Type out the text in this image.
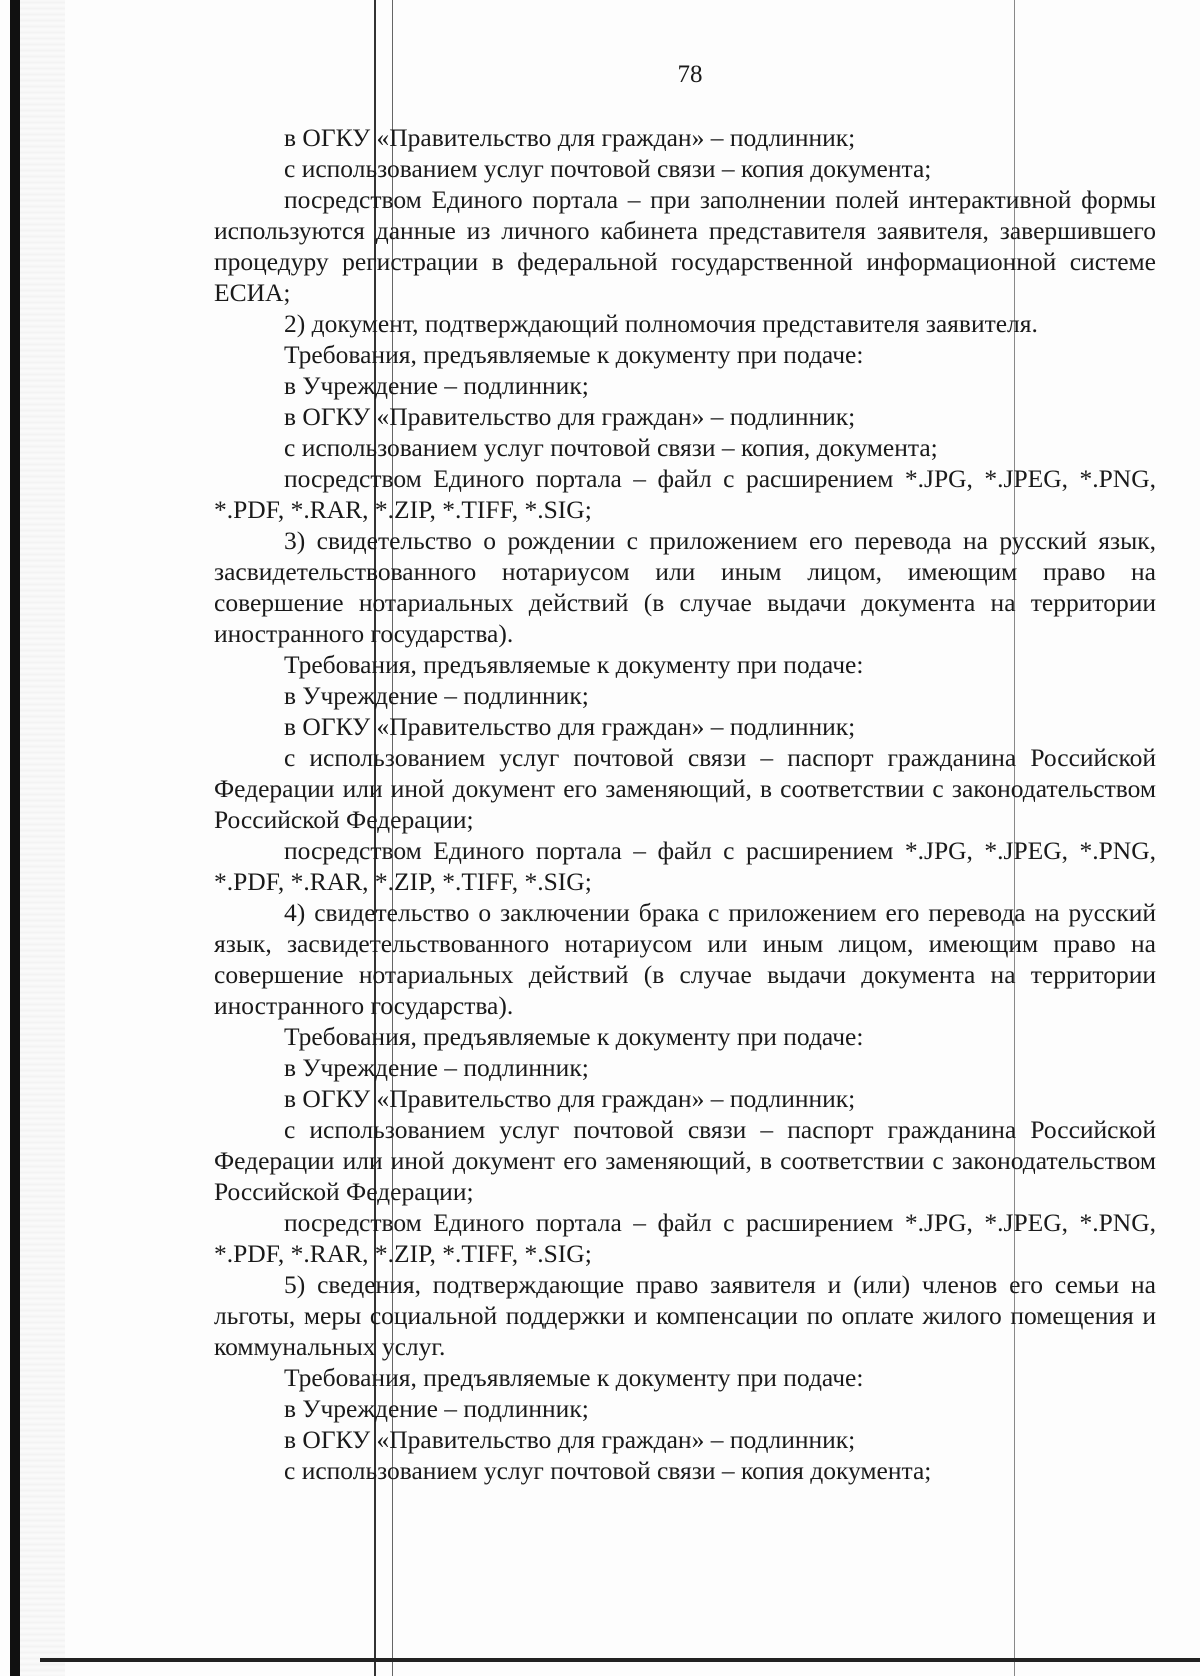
78

в ОГКУ «Правительство для граждан» – подлинник;

с использованием услуг почтовой связи – копия документа;

посредством Единого портала – при заполнении полей интерактивной формы используются данные из личного кабинета представителя заявителя, завершившего процедуру регистрации в федеральной государственной информационной системе ЕСИА;

2) документ, подтверждающий полномочия представителя заявителя.

Требования, предъявляемые к документу при подаче:

в Учреждение – подлинник;

в ОГКУ «Правительство для граждан» – подлинник;

с использованием услуг почтовой связи – копия, документа;

посредством Единого портала – файл с расширением *.JPG, *.JPEG, *.PNG, *.PDF, *.RAR, *.ZIP, *.TIFF, *.SIG;

3) свидетельство о рождении с приложением его перевода на русский язык, засвидетельствованного нотариусом или иным лицом, имеющим право на совершение нотариальных действий (в случае выдачи документа на территории иностранного государства).

Требования, предъявляемые к документу при подаче:

в Учреждение – подлинник;

в ОГКУ «Правительство для граждан» – подлинник;

с использованием услуг почтовой связи – паспорт гражданина Российской Федерации или иной документ его заменяющий, в соответствии с законодательством Российской Федерации;

посредством Единого портала – файл с расширением *.JPG, *.JPEG, *.PNG, *.PDF, *.RAR, *.ZIP, *.TIFF, *.SIG;

4) свидетельство о заключении брака с приложением его перевода на русский язык, засвидетельствованного нотариусом или иным лицом, имеющим право на совершение нотариальных действий (в случае выдачи документа на территории иностранного государства).

Требования, предъявляемые к документу при подаче:

в Учреждение – подлинник;

в ОГКУ «Правительство для граждан» – подлинник;

с использованием услуг почтовой связи – паспорт гражданина Российской Федерации или иной документ его заменяющий, в соответствии с законодательством Российской Федерации;

посредством Единого портала – файл с расширением *.JPG, *.JPEG, *.PNG, *.PDF, *.RAR, *.ZIP, *.TIFF, *.SIG;

5) сведения, подтверждающие право заявителя и (или) членов его семьи на льготы, меры социальной поддержки и компенсации по оплате жилого помещения и коммунальных услуг.

Требования, предъявляемые к документу при подаче:

в Учреждение – подлинник;

в ОГКУ «Правительство для граждан» – подлинник;

с использованием услуг почтовой связи – копия документа;
